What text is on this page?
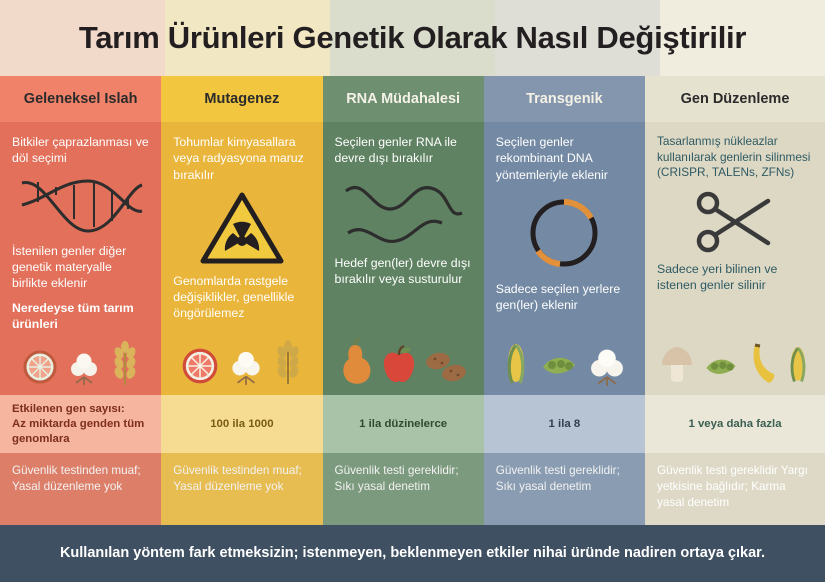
Tarım Ürünleri Genetik Olarak Nasıl Değiştirilir
Geleneksel Islah
Bitkiler çaprazlanması ve döl seçimi
İstenilen genler diğer genetik materyalle birlikte eklenir
Neredeyse tüm tarım ürünleri
Etkilenen gen sayısı:
Az miktarda genden tüm genomlara
Güvenlik testinden muaf; Yasal düzenleme yok
Mutagenez
Tohumlar kimyasallara veya radyasyona maruz bırakılır
Genomlarda rastgele değişiklikler, genellikle öngörülemez
100 ila 1000
Güvenlik testinden muaf; Yasal düzenleme yok
RNA Müdahalesi
Seçilen genler RNA ile devre dışı bırakılır
Hedef gen(ler) devre dışı bırakılır veya susturulur
1 ila düzinelerce
Güvenlik testi gereklidir; Sıkı yasal denetim
Transgenik
Seçilen genler rekombinant DNA yöntemleriyle eklenir
Sadece seçilen yerlere gen(ler) eklenir
1 ila 8
Güvenlik testi gereklidir; Sıkı yasal denetim
Gen Düzenleme
Tasarlanmış nükleazlar kullanılarak genlerin silinmesi (CRISPR, TALENs, ZFNs)
Sadece yeri bilinen ve istenen genler silinir
1 veya daha fazla
Güvenlik testi gereklidir Yargı yetkisine bağlıdır; Karma yasal denetim
Kullanılan yöntem fark etmeksizin; istenmeyen, beklenmeyen etkiler nihai üründe nadiren ortaya çıkar.
